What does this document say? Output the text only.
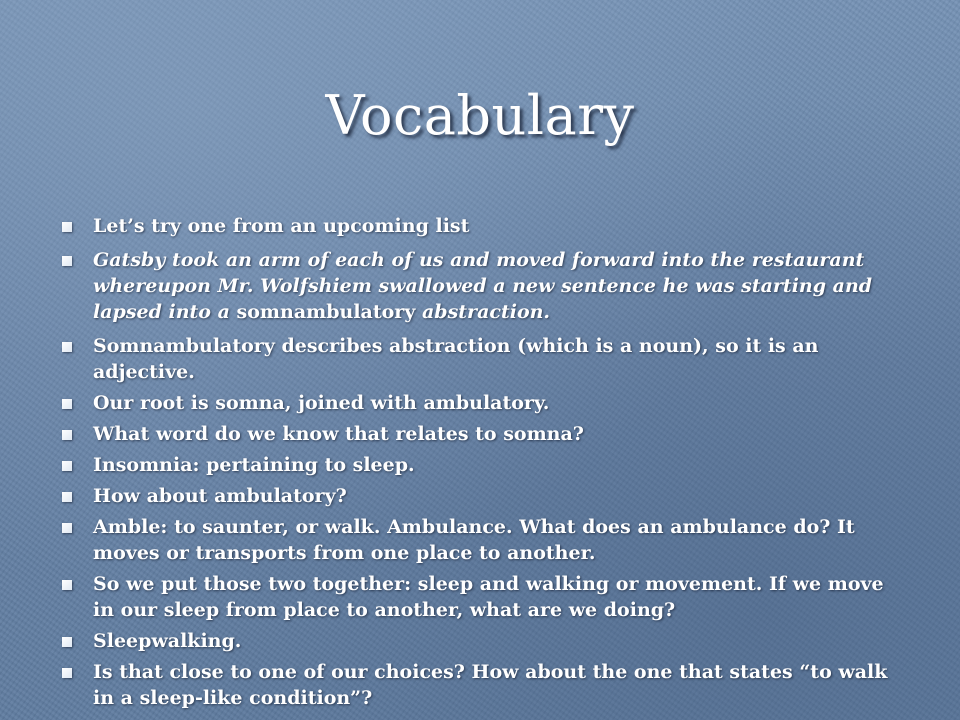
Vocabulary
Let’s try one from an upcoming list
Gatsby took an arm of each of us and moved forward into the restaurant whereupon Mr. Wolfshiem swallowed a new sentence he was starting and lapsed into a somnambulatory abstraction.
Somnambulatory describes abstraction (which is a noun), so it is an adjective.
Our root is somna, joined with ambulatory.
What word do we know that relates to somna?
Insomnia: pertaining to sleep.
How about ambulatory?
Amble: to saunter, or walk. Ambulance. What does an ambulance do? It moves or transports from one place to another.
So we put those two together: sleep and walking or movement. If we move in our sleep from place to another, what are we doing?
Sleepwalking.
Is that close to one of our choices? How about the one that states “to walk in a sleep-like condition”?
